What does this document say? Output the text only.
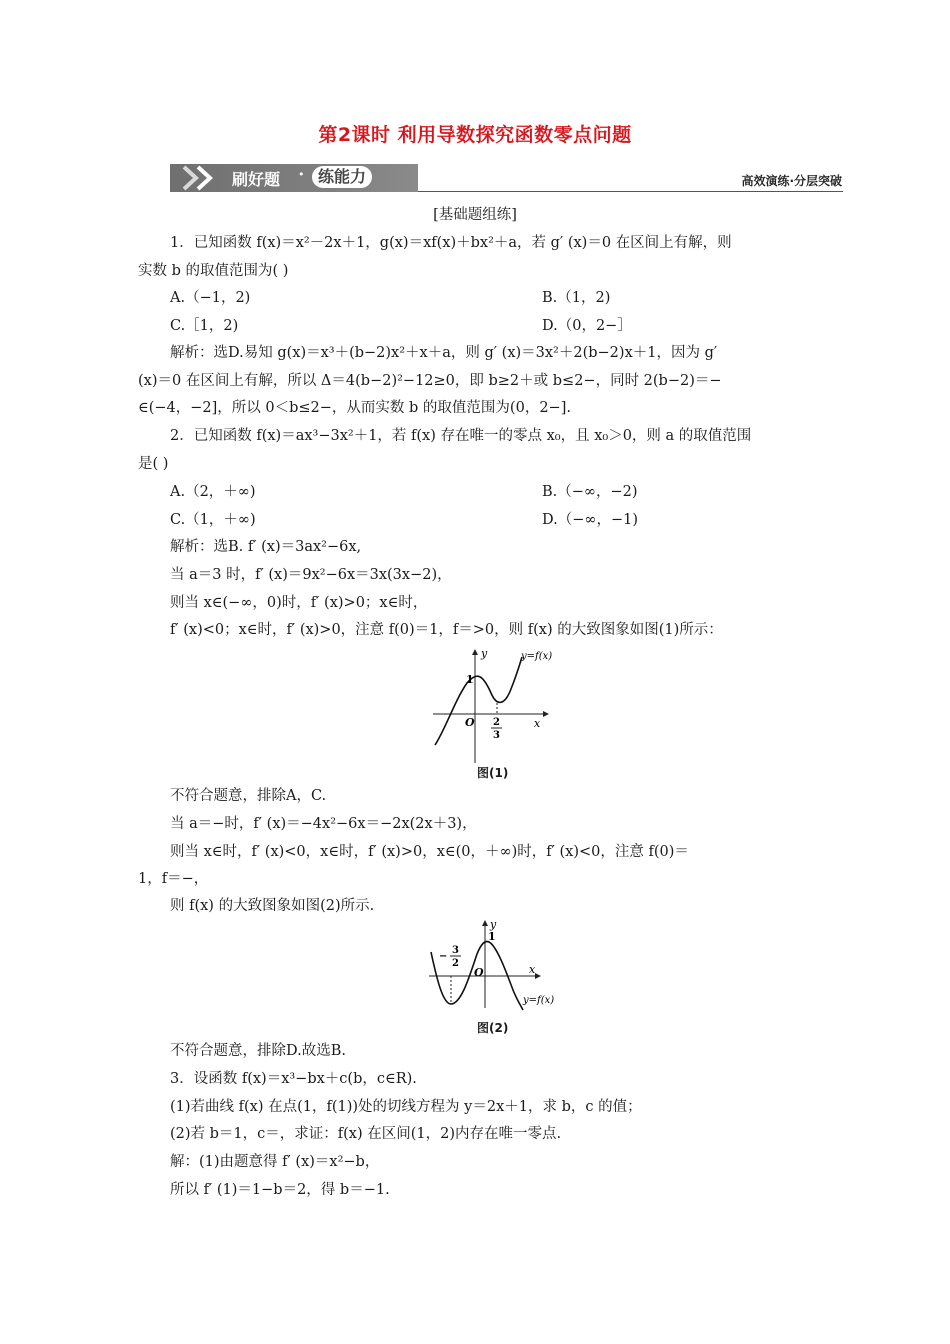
第2课时 利用导数探究函数零点问题
刷好题 • 练能力	高效演练·分层突破
[基础题组练]
1．已知函数 f(x)＝x²－2x＋1，g(x)＝xf(x)＋bx²＋a，若 g′ (x)＝0 在区间上有解，则
实数 b 的取值范围为( )
A.（−1，2)	B.（1，2)
C.［1，2)	D.（0，2−］
解析：选D.易知 g(x)＝x³＋(b−2)x²＋x＋a，则 g′ (x)＝3x²＋2(b−2)x＋1，因为 g′
(x)＝0 在区间上有解，所以 Δ＝4(b−2)²−12≥0，即 b≥2＋或 b≤2−，同时 2(b−2)＝−
∈(−4，−2]，所以 0＜b≤2−，从而实数 b 的取值范围为(0，2−].
2．已知函数 f(x)＝ax³−3x²＋1，若 f(x) 存在唯一的零点 x₀，且 x₀＞0，则 a 的取值范围
是( )
A.（2，＋∞)	B.（−∞，−2)
C.（1，＋∞)	D.（−∞，−1)
解析：选B. f′ (x)＝3ax²−6x,
当 a＝3 时，f′ (x)＝9x²−6x＝3x(3x−2)，
则当 x∈(−∞，0)时，f′ (x)>0；x∈时，
f′ (x)<0；x∈时，f′ (x)>0，注意 f(0)＝1，f＝>0，则 f(x) 的大致图象如图(1)所示：
y
x
y=f(x)
O
1
2
3
图(1)
不符合题意，排除A，C.
当 a＝−时，f′ (x)＝−4x²−6x＝−2x(2x＋3)，
则当 x∈时，f′ (x)<0，x∈时，f′ (x)>0，x∈(0，＋∞)时，f′ (x)<0，注意 f(0)＝
1，f＝−，
则 f(x) 的大致图象如图(2)所示.
y
x
y=f(x)
O
1
−
3
2
图(2)
不符合题意，排除D.故选B.
3．设函数 f(x)＝x³−bx＋c(b，c∈R).
(1)若曲线 f(x) 在点(1，f(1))处的切线方程为 y＝2x＋1，求 b，c 的值；
(2)若 b＝1，c＝，求证：f(x) 在区间(1，2)内存在唯一零点.
解：(1)由题意得 f′ (x)＝x²−b，
所以 f′ (1)＝1−b＝2，得 b＝−1.
